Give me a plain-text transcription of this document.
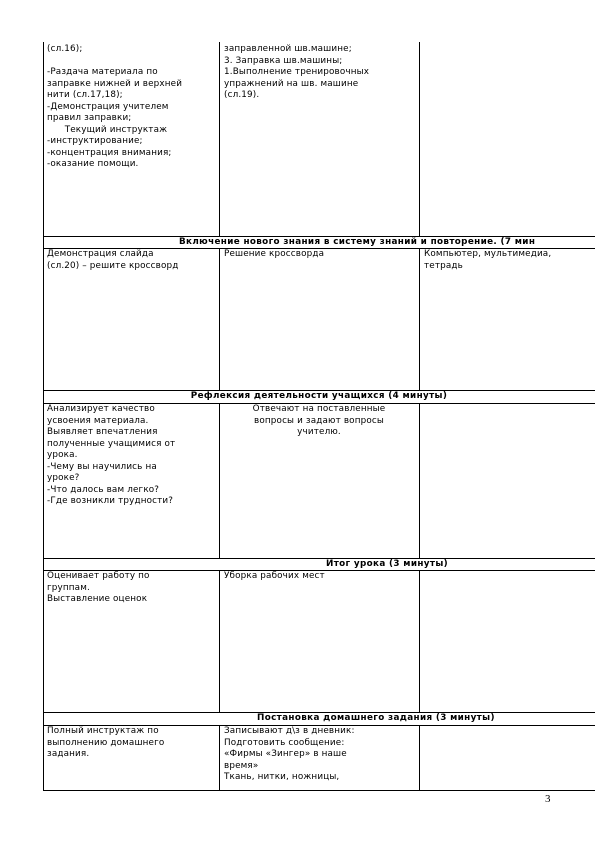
(сл.16);

-Раздача материала по
заправке нижней и верхней
нити (сл.17,18);
-Демонстрация учителем
правил заправки;
Текущий инструктаж
-инструктирование;
-концентрация внимания;
-оказание помощи.
заправленной шв.машине;
3. Заправка шв.машины;
1.Выполнение тренировочных
упражнений на шв. машине
(сл.19).
Включение нового знания в систему знаний и повторение. (7 мин
Демонстрация слайда
(сл.20) – решите кроссворд
Решение кроссворда	Компьютер, мультимедиа,
тетрадь
Рефлексия деятельности учащихся (4 минуты)
Анализирует качество
усвоения материала.
Выявляет впечатления
полученные учащимися от
урока.
-Чему вы научились на
уроке?
-Что далось вам легко?
-Где возникли трудности?
Отвечают на поставленные
вопросы и задают вопросы
учителю.
Итог урока (3 минуты)
Оценивает работу по
группам.
Выставление оценок
Уборка рабочих мест
Постановка домашнего задания (3 минуты)
Полный инструктаж по
выполнению домашнего
задания.
Записывают д\з в дневник:
Подготовить сообщение:
«Фирмы «Зингер» в наше
время»
Ткань, нитки, ножницы,
3
